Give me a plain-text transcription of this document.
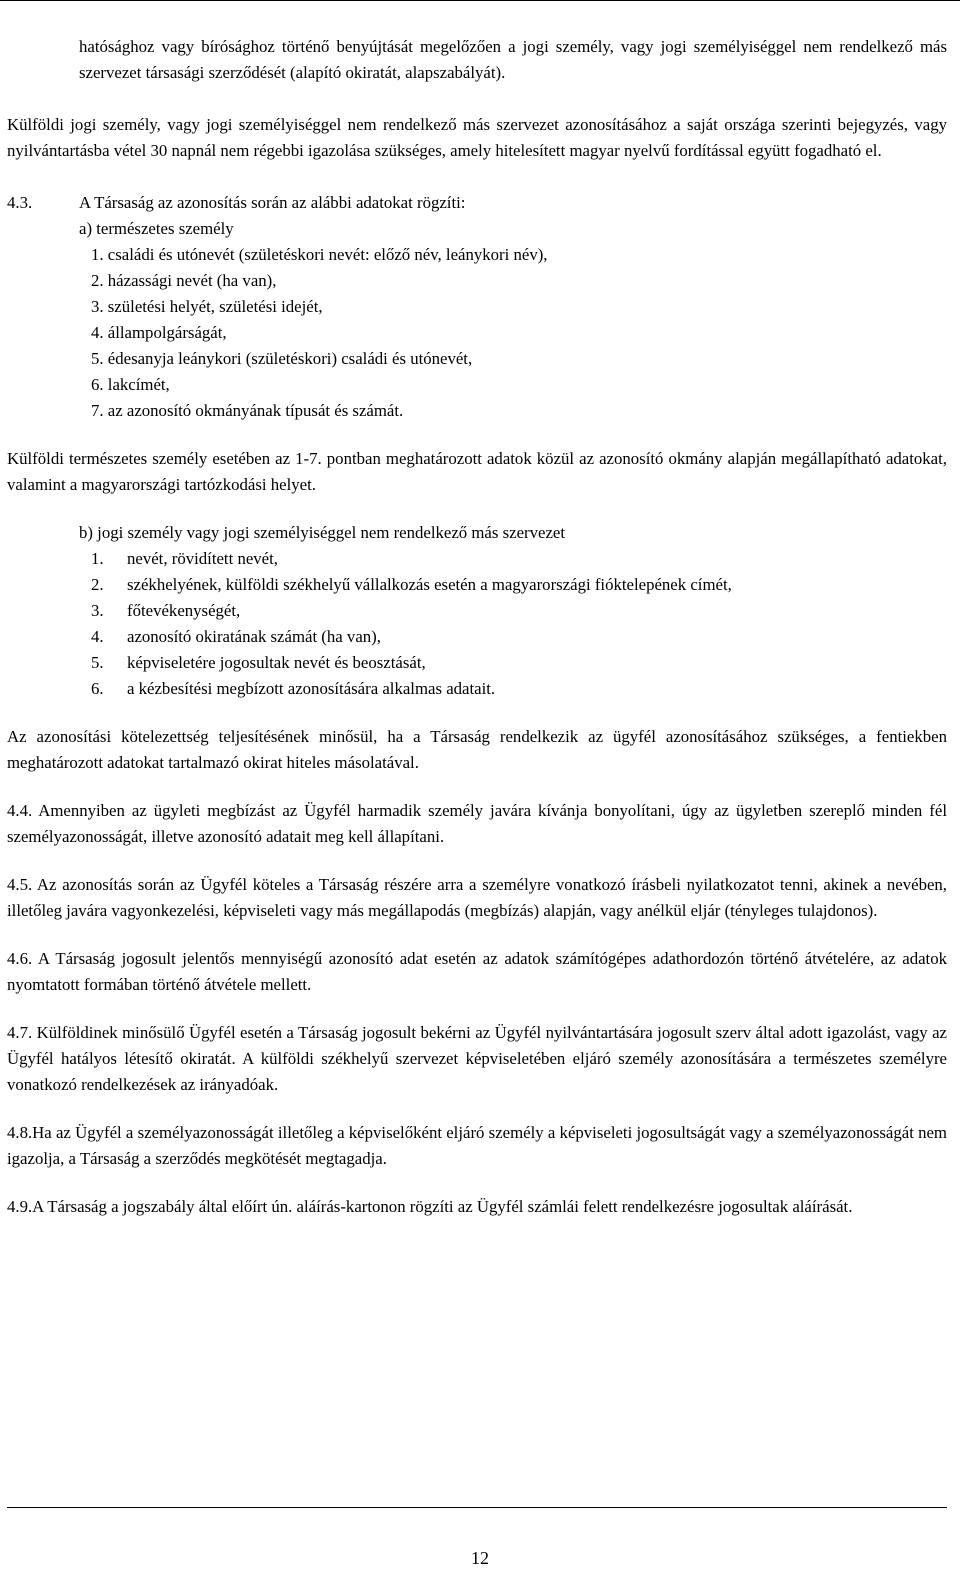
hatósághoz vagy bírósághoz történő benyújtását megelőzően a jogi személy, vagy jogi személyiséggel nem rendelkező más szervezet társasági szerződését (alapító okiratát, alapszabályát).

Külföldi jogi személy, vagy jogi személyiséggel nem rendelkező más szervezet azonosításához a saját országa szerinti bejegyzés, vagy nyilvántartásba vétel 30 napnál nem régebbi igazolása szükséges, amely hitelesített magyar nyelvű fordítással együtt fogadható el.

4.3.	A Társaság az azonosítás során az alábbi adatokat rögzíti:
a) természetes személy
1. családi és utónevét (születéskori nevét: előző név, leánykori név),
2. házassági nevét (ha van),
3. születési helyét, születési idejét,
4. állampolgárságát,
5. édesanyja leánykori (születéskori) családi és utónevét,
6. lakcímét,
7. az azonosító okmányának típusát és számát.

Külföldi természetes személy esetében az 1-7. pontban meghatározott adatok közül az azonosító okmány alapján megállapítható adatokat, valamint a magyarországi tartózkodási helyet.

b) jogi személy vagy jogi személyiséggel nem rendelkező más szervezet
1.	nevét, rövidített nevét,
2.	székhelyének, külföldi székhelyű vállalkozás esetén a magyarországi fióktelepének címét,
3.	főtevékenységét,
4.	azonosító okiratának számát (ha van),
5.	képviseletére jogosultak nevét és beosztását,
6.	a kézbesítési megbízott azonosítására alkalmas adatait.

Az azonosítási kötelezettség teljesítésének minősül, ha a Társaság rendelkezik az ügyfél azonosításához szükséges, a fentiekben meghatározott adatokat tartalmazó okirat hiteles másolatával.

4.4. Amennyiben az ügyleti megbízást az Ügyfél harmadik személy javára kívánja bonyolítani, úgy az ügyletben szereplő minden fél személyazonosságát, illetve azonosító adatait meg kell állapítani.

4.5. Az azonosítás során az Ügyfél köteles a Társaság részére arra a személyre vonatkozó írásbeli nyilatkozatot tenni, akinek a nevében, illetőleg javára vagyonkezelési, képviseleti vagy más megállapodás (megbízás) alapján, vagy anélkül eljár (tényleges tulajdonos).

4.6. A Társaság jogosult jelentős mennyiségű azonosító adat esetén az adatok számítógépes adathordozón történő átvételére, az adatok nyomtatott formában történő átvétele mellett.

4.7. Külföldinek minősülő Ügyfél esetén a Társaság jogosult bekérni az Ügyfél nyilvántartására jogosult szerv által adott igazolást, vagy az Ügyfél hatályos létesítő okiratát. A külföldi székhelyű szervezet képviseletében eljáró személy azonosítására a természetes személyre vonatkozó rendelkezések az irányadóak.

4.8.Ha az Ügyfél a személyazonosságát illetőleg a képviselőként eljáró személy a képviseleti jogosultságát vagy a személyazonosságát nem igazolja, a Társaság a szerződés megkötését megtagadja.

4.9.A Társaság a jogszabály által előírt ún. aláírás-kartonon rögzíti az Ügyfél számlái felett rendelkezésre jogosultak aláírását.

12
